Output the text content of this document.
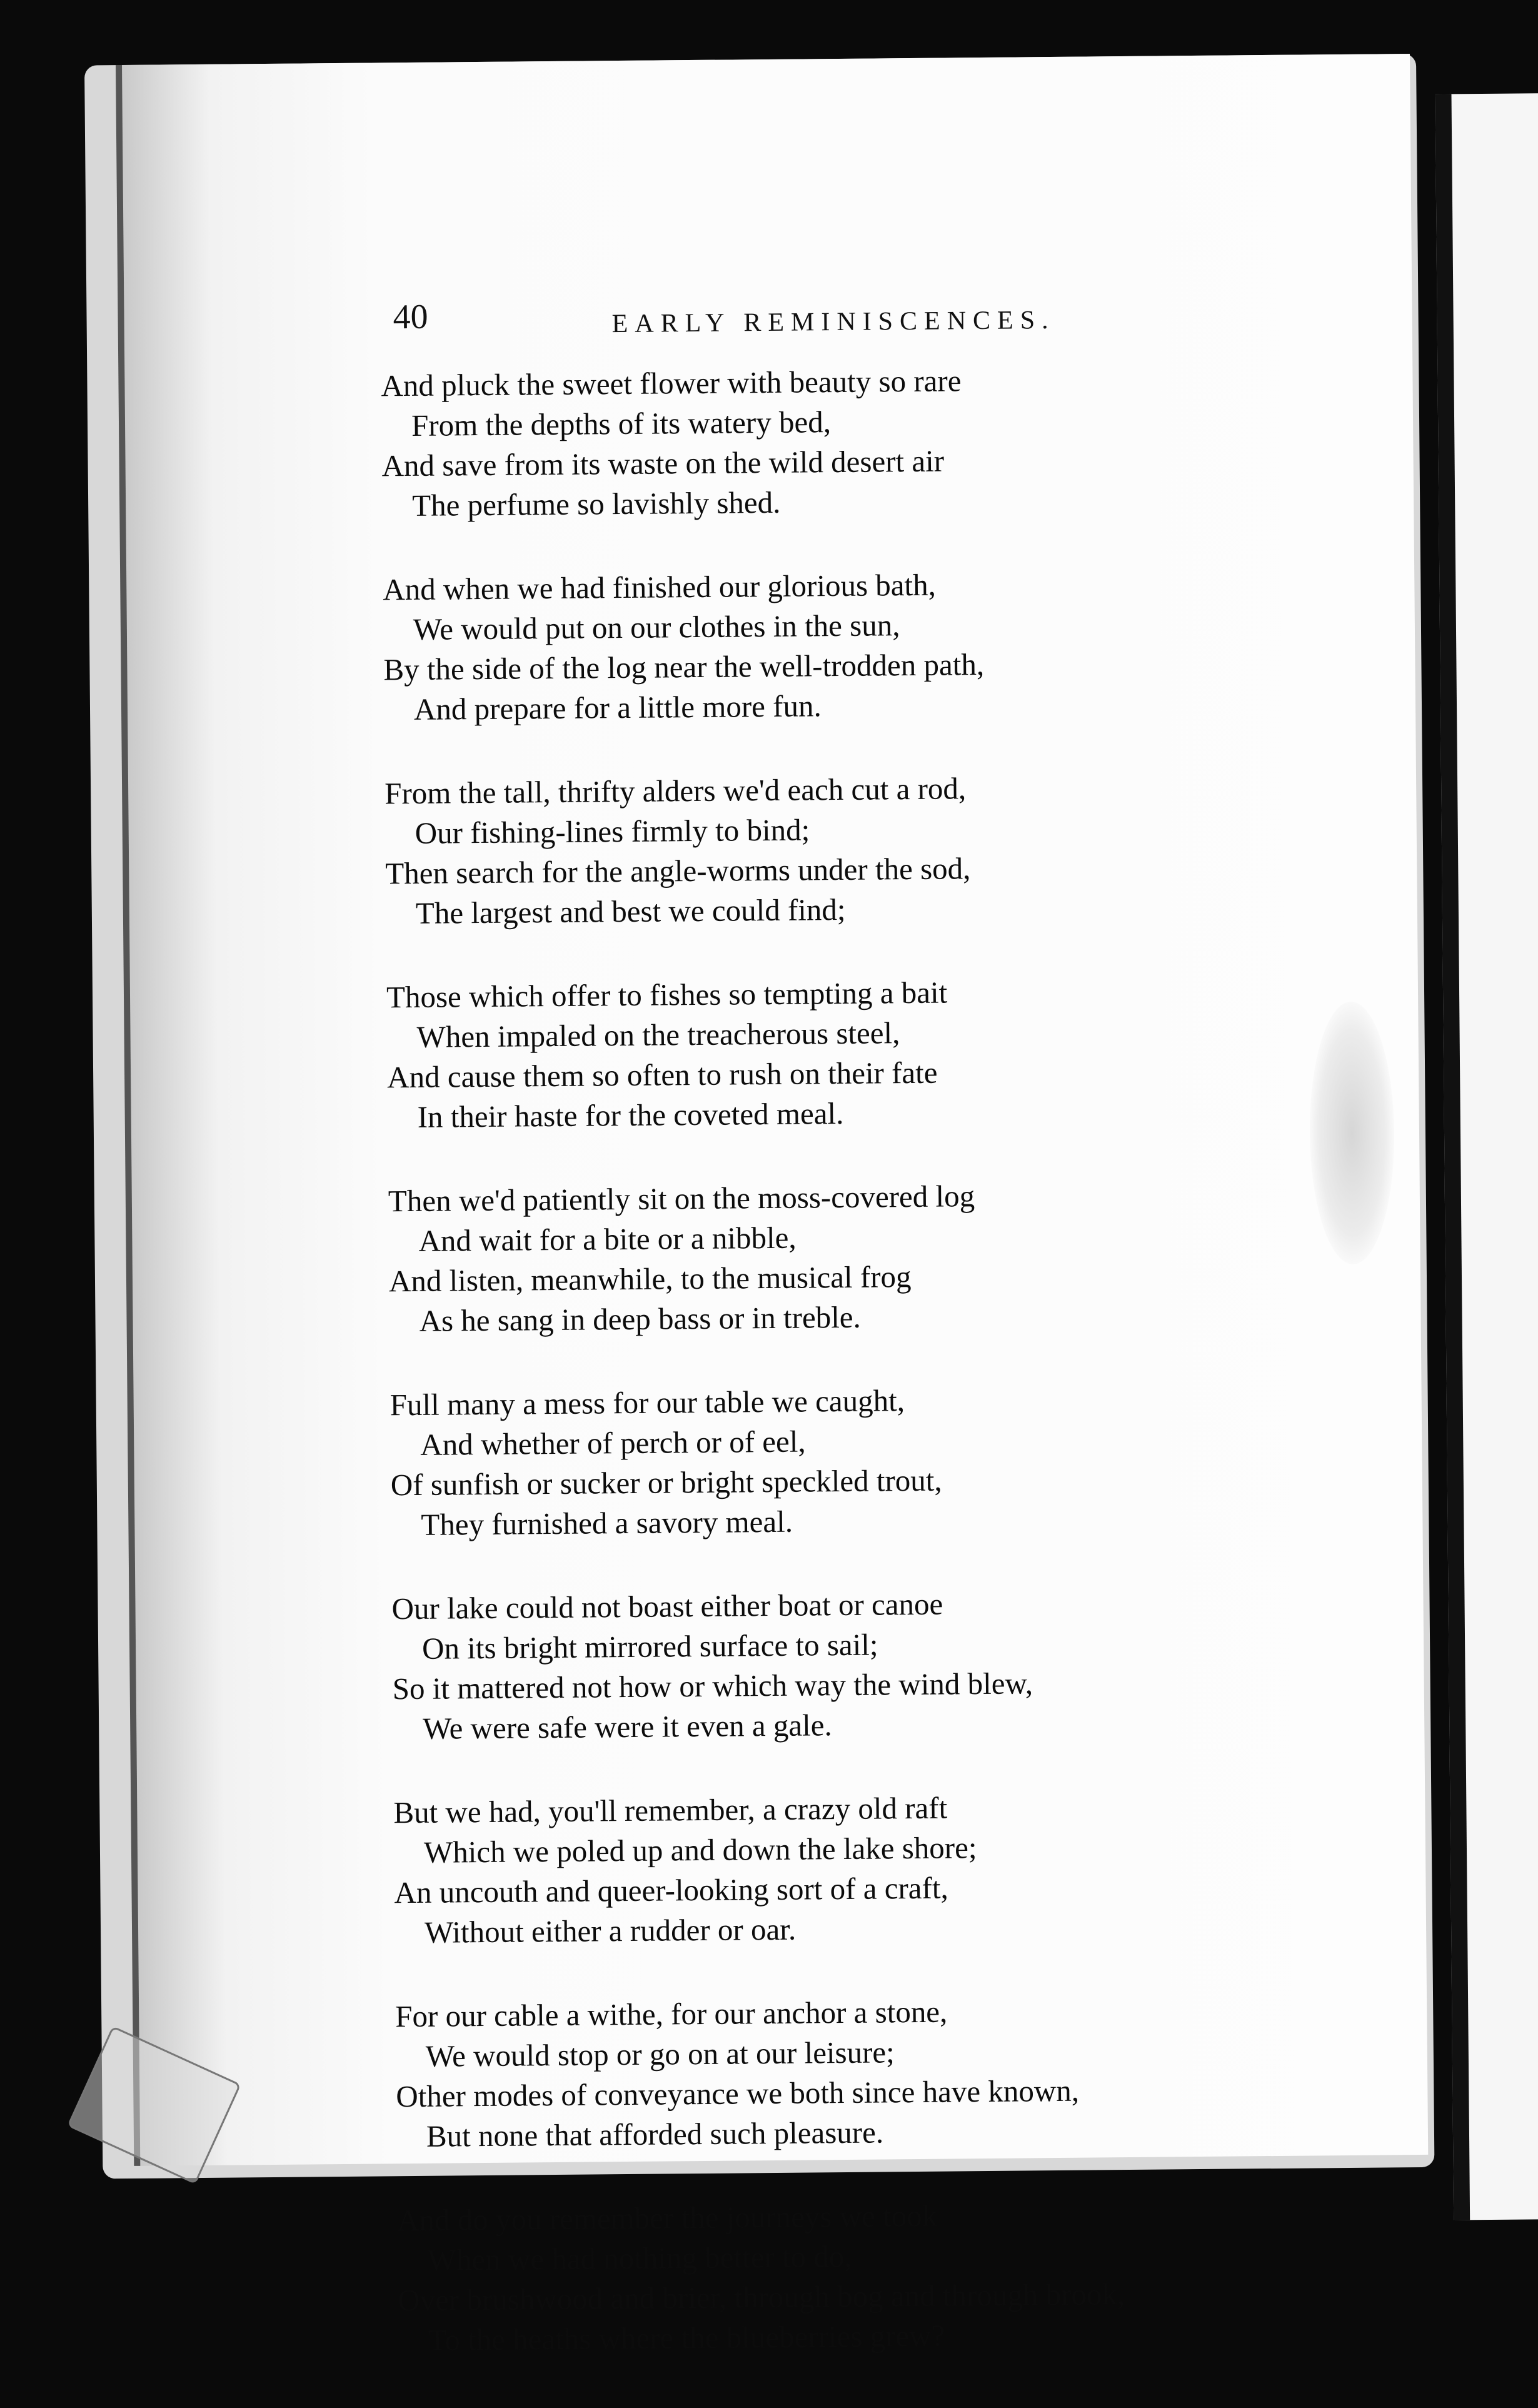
40	EARLY REMINISCENCES.
And pluck the sweet flower with beauty so rare
From the depths of its watery bed,
And save from its waste on the wild desert air
The perfume so lavishly shed.
And when we had finished our glorious bath,
We would put on our clothes in the sun,
By the side of the log near the well-trodden path,
And prepare for a little more fun.
From the tall, thrifty alders we'd each cut a rod,
Our fishing-lines firmly to bind;
Then search for the angle-worms under the sod,
The largest and best we could find;
Those which offer to fishes so tempting a bait
When impaled on the treacherous steel,
And cause them so often to rush on their fate
In their haste for the coveted meal.
Then we'd patiently sit on the moss-covered log
And wait for a bite or a nibble,
And listen, meanwhile, to the musical frog
As he sang in deep bass or in treble.
Full many a mess for our table we caught,
And whether of perch or of eel,
Of sunfish or sucker or bright speckled trout,
They furnished a savory meal.
Our lake could not boast either boat or canoe
On its bright mirrored surface to sail;
So it mattered not how or which way the wind blew,
We were safe were it even a gale.
But we had, you'll remember, a crazy old raft
Which we poled up and down the lake shore;
An uncouth and queer-looking sort of a craft,
Without either a rudder or oar.
For our cable a withe, for our anchor a stone,
We would stop or go on at our leisure;
Other modes of conveyance we both since have known,
But none that afforded such pleasure.
And do you remember the journeys we took
When we had nothing better to do,
Over brushwood and brier, through bog and through brook,
To the heaths where the blueberries grew?
